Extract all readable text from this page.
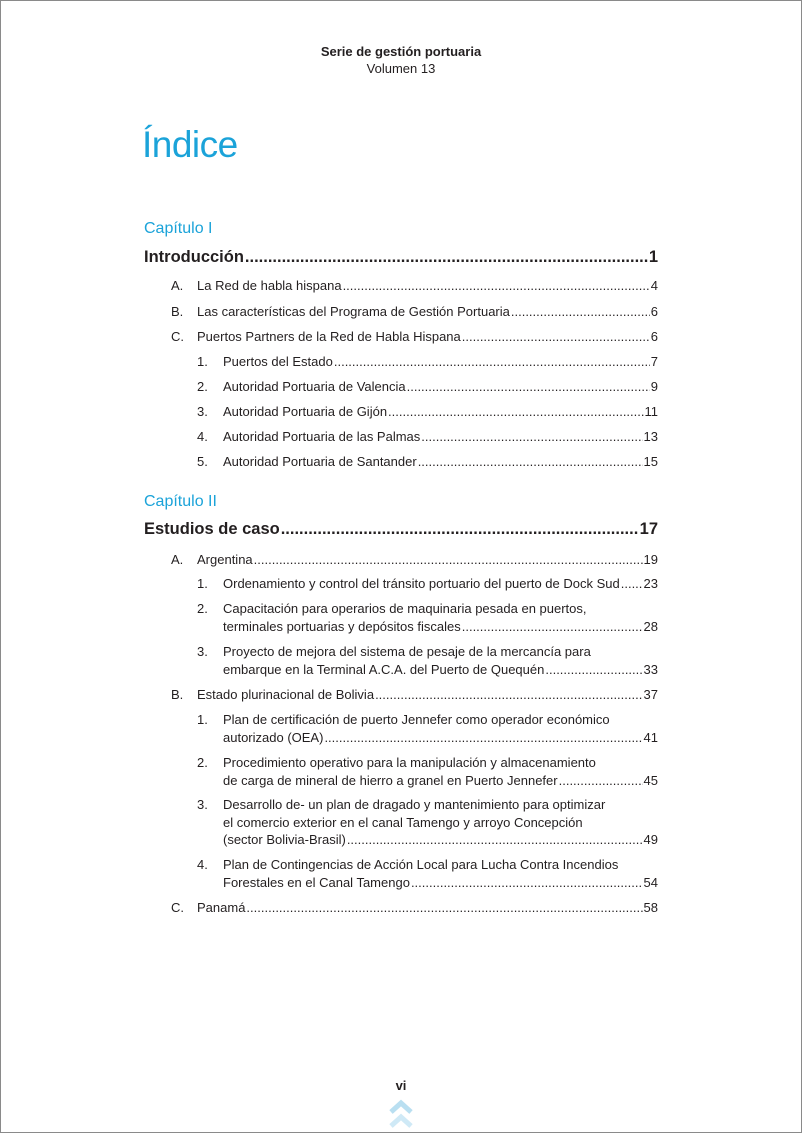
Serie de gestión portuaria
Volumen 13
Índice
Capítulo I
Introducción .....	1
A. La Red de habla hispana .....	4
B. Las características del Programa de Gestión Portuaria .....	6
C. Puertos Partners de la Red de Habla Hispana .....	6
1. Puertos del Estado .....	7
2. Autoridad Portuaria de Valencia .....	9
3. Autoridad Portuaria de Gijón .....	11
4. Autoridad Portuaria de las Palmas .....	13
5. Autoridad Portuaria de Santander .....	15
Capítulo II
Estudios de caso .....	17
A. Argentina .....	19
1. Ordenamiento y control del tránsito portuario del puerto de Dock Sud ..... 23
2. Capacitación para operarios de maquinaria pesada en puertos,
terminales portuarias y depósitos fiscales .....	28
3. Proyecto de mejora del sistema de pesaje de la mercancía para
embarque en la Terminal A.C.A. del Puerto de Quequén .....	33
B. Estado plurinacional de Bolivia .....	37
1. Plan de certificación de puerto Jennefer como operador económico
autorizado (OEA) .....	41
2. Procedimiento operativo para la manipulación y almacenamiento
de carga de mineral de hierro a granel en Puerto Jennefer .....	45
3. Desarrollo de- un plan de dragado y mantenimiento para optimizar
el comercio exterior en el canal Tamengo y arroyo Concepción
(sector Bolivia-Brasil) .....	49
4. Plan de Contingencias de Acción Local para Lucha Contra Incendios
Forestales en el Canal Tamengo .....	54
C. Panamá .....	58
vi
